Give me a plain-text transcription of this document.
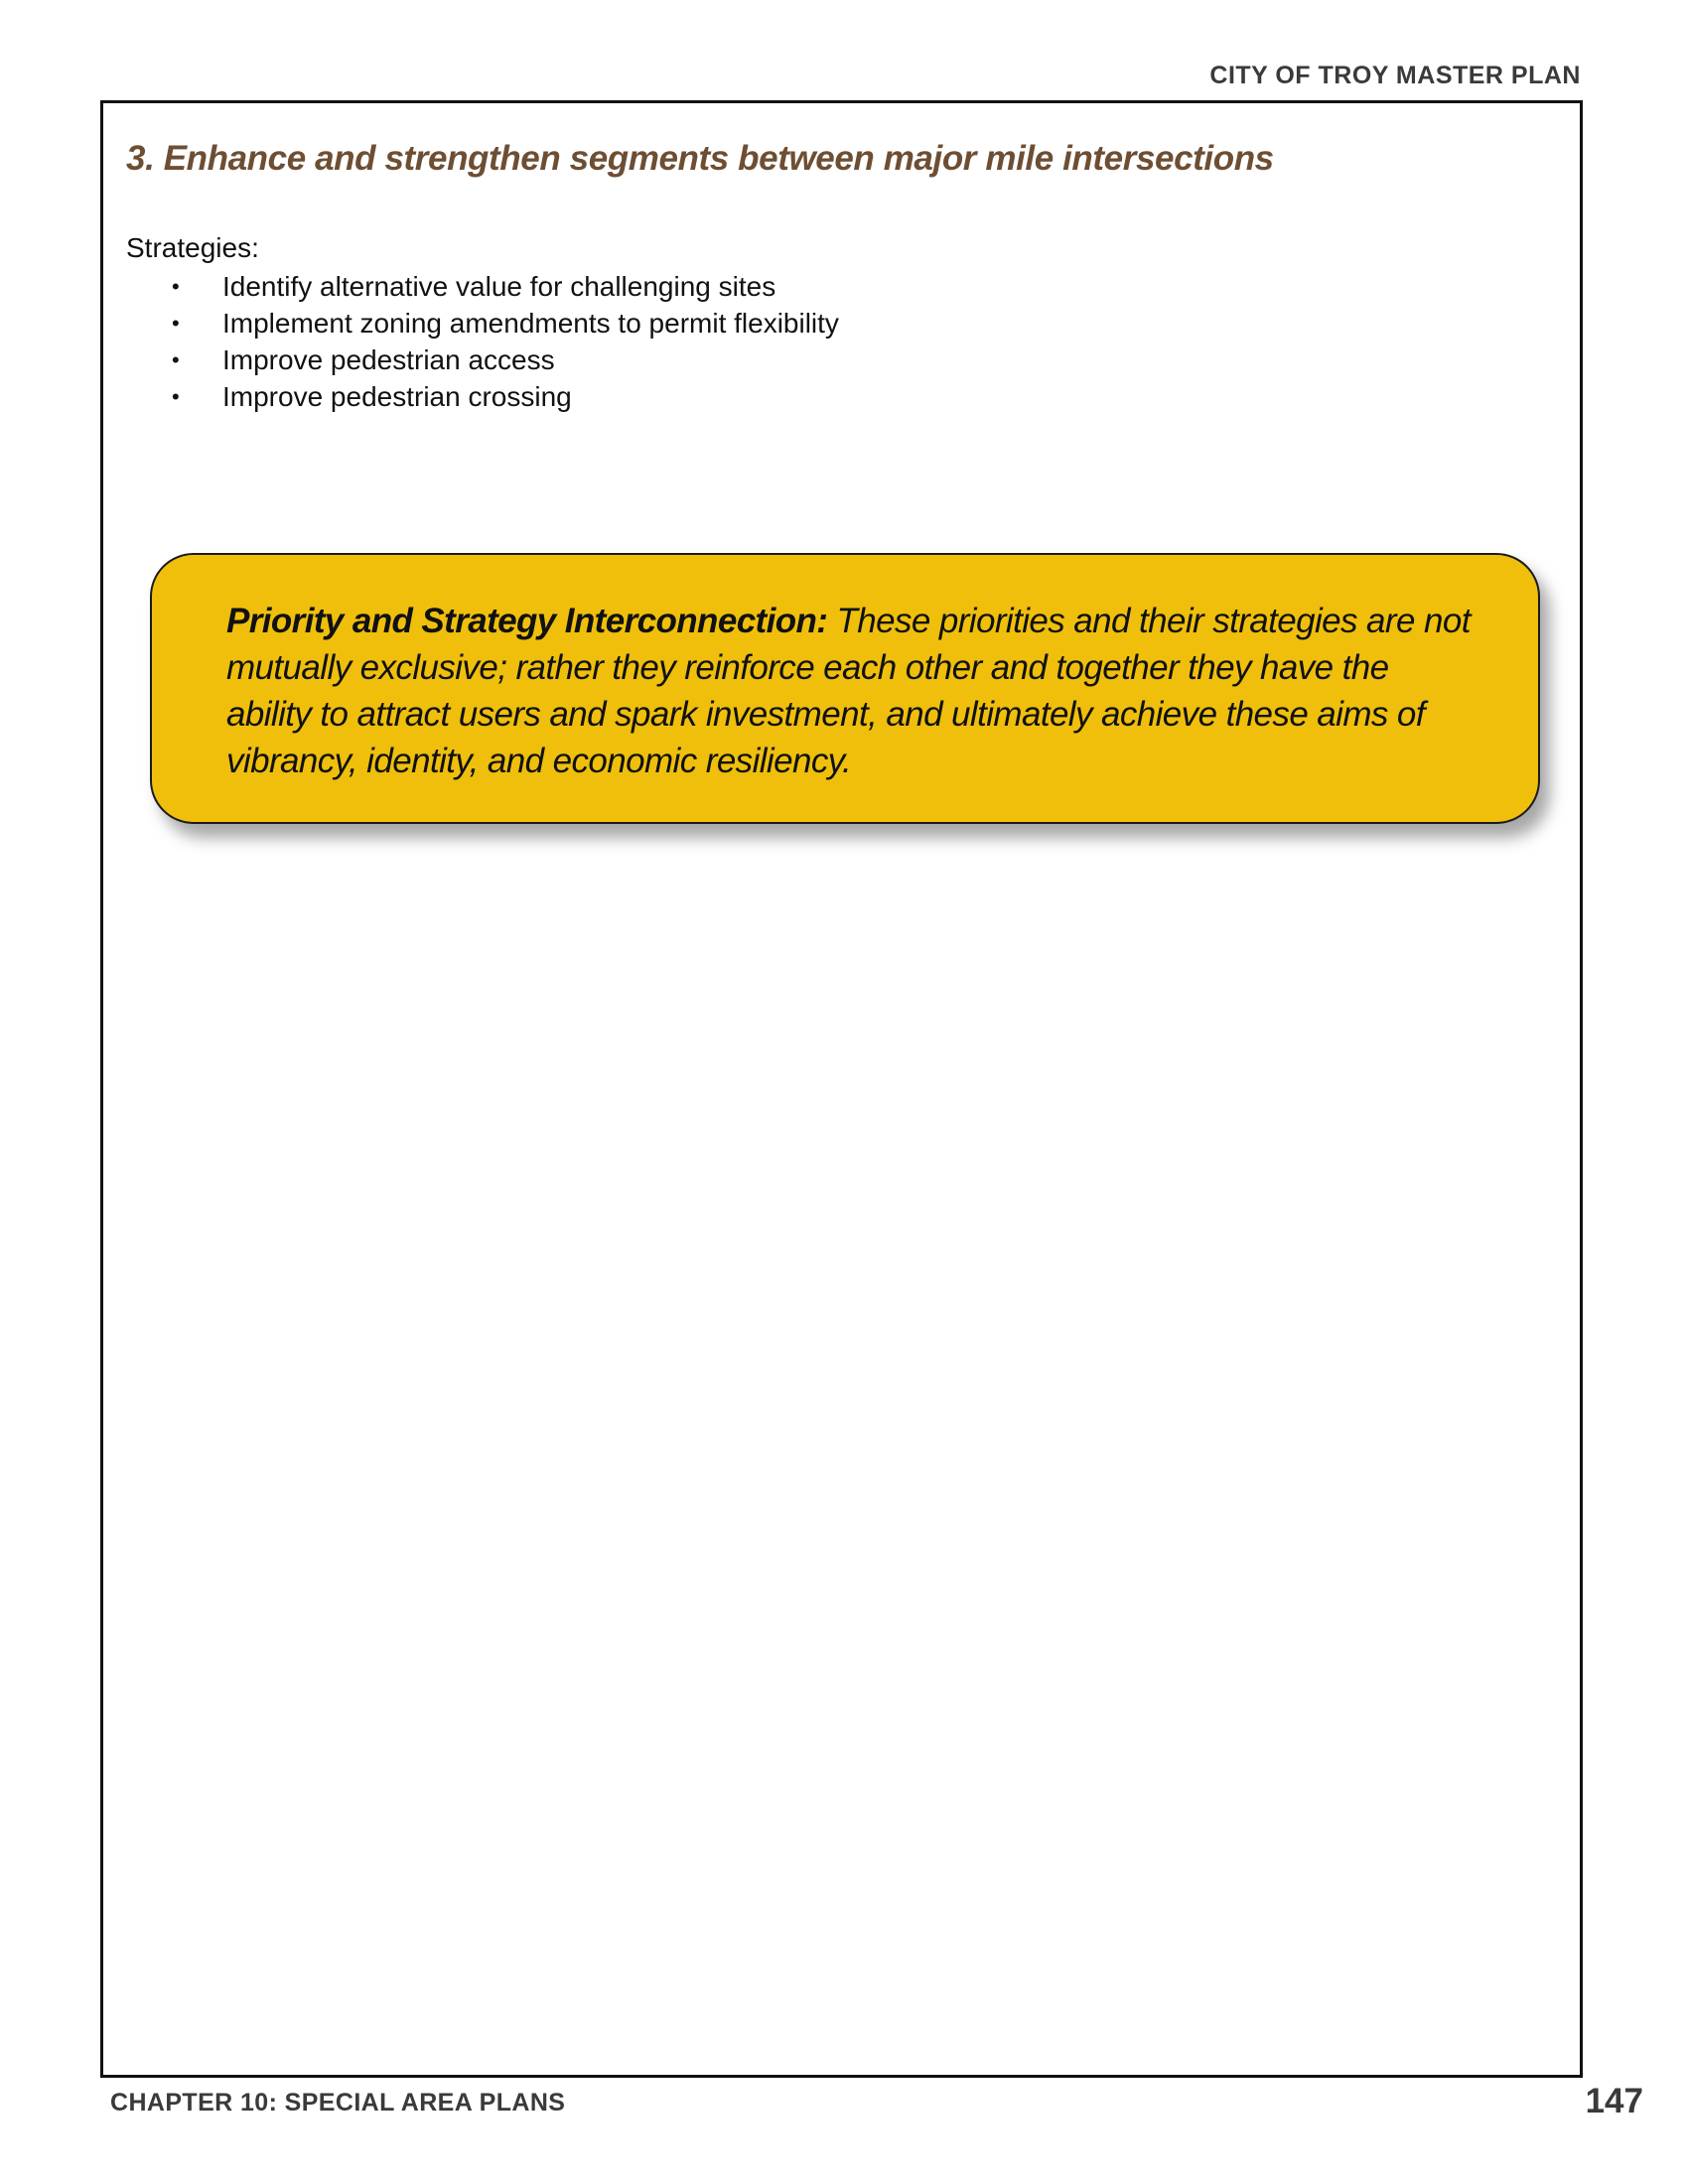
CITY OF TROY MASTER PLAN
3. Enhance and strengthen segments between major mile intersections
Strategies:
• Identify alternative value for challenging sites
• Implement zoning amendments to permit flexibility
• Improve pedestrian access
• Improve pedestrian crossing

Priority and Strategy Interconnection: These priorities and their strategies are not mutually exclusive; rather they reinforce each other and together they have the ability to attract users and spark investment, and ultimately achieve these aims of vibrancy, identity, and economic resiliency.

CHAPTER 10: SPECIAL AREA PLANS	147
